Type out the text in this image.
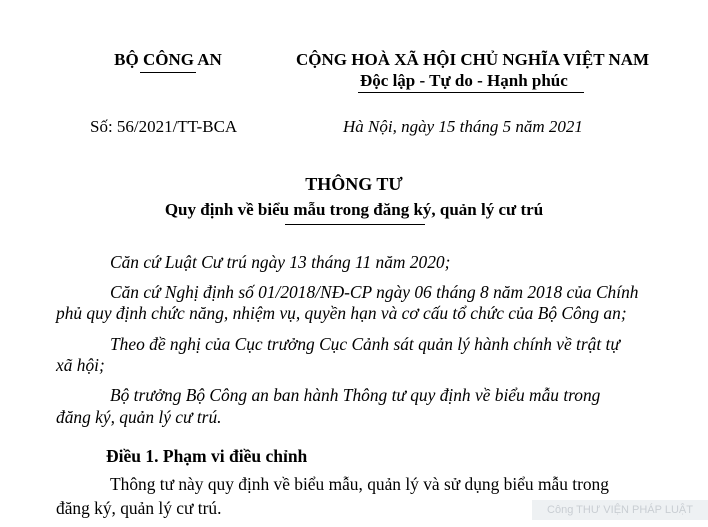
BỘ CÔNG AN	CỘNG HOÀ XÃ HỘI CHỦ NGHĨA VIỆT NAM
Độc lập - Tự do - Hạnh phúc
Số: 56/2021/TT-BCA	Hà Nội, ngày 15 tháng 5 năm 2021
THÔNG TƯ
Quy định về biểu mẫu trong đăng ký, quản lý cư trú
Căn cứ Luật Cư trú ngày 13 tháng 11 năm 2020;
Căn cứ Nghị định số 01/2018/NĐ-CP ngày 06 tháng 8 năm 2018 của Chính
phủ quy định chức năng, nhiệm vụ, quyền hạn và cơ cấu tổ chức của Bộ Công an;
Theo đề nghị của Cục trưởng Cục Cảnh sát quản lý hành chính về trật tự
xã hội;
Bộ trưởng Bộ Công an ban hành Thông tư quy định về biểu mẫu trong
đăng ký, quản lý cư trú.
Điều 1. Phạm vi điều chỉnh
Thông tư này quy định về biểu mẫu, quản lý và sử dụng biểu mẫu trong
đăng ký, quản lý cư trú.	Công THƯ VIỆN PHÁP LUẬT
